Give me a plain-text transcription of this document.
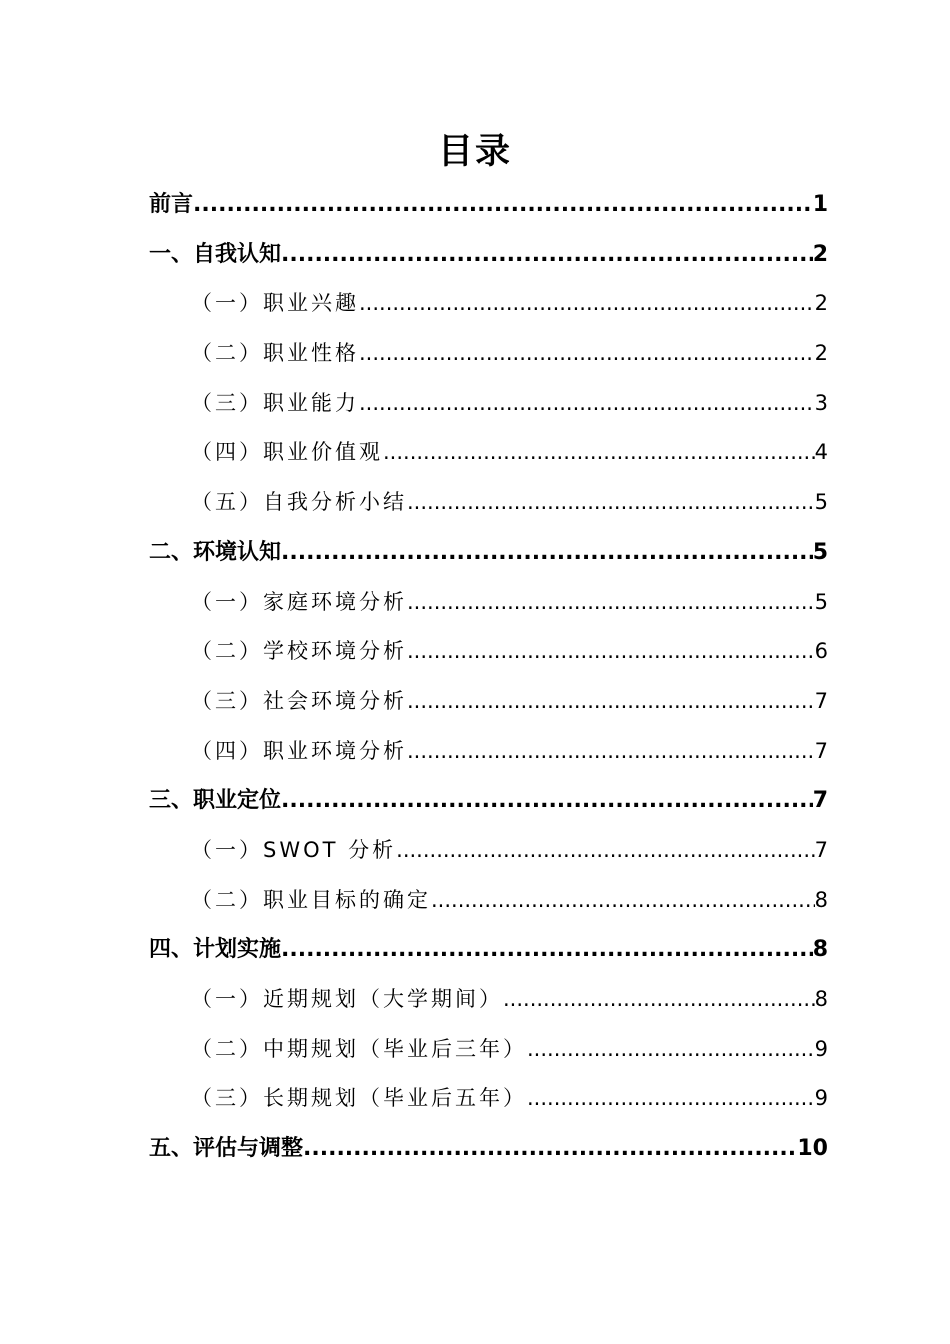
目录
前言 .....	1
一、自我认知 .....	2
（一）职业兴趣 .....	2
（二）职业性格 .....	2
（三）职业能力 .....	3
（四）职业价值观 .....	4
（五）自我分析小结 .....	5
二、环境认知 .....	5
（一）家庭环境分析 .....	5
（二）学校环境分析 .....	6
（三）社会环境分析 .....	7
（四）职业环境分析 .....	7
三、职业定位 .....	7
（一）SWOT 分析 .....	7
（二）职业目标的确定 .....	8
四、计划实施 .....	8
（一）近期规划（大学期间） .....	8
（二）中期规划（毕业后三年） .....	9
（三）长期规划（毕业后五年） .....	9
五、评估与调整 .....	10
